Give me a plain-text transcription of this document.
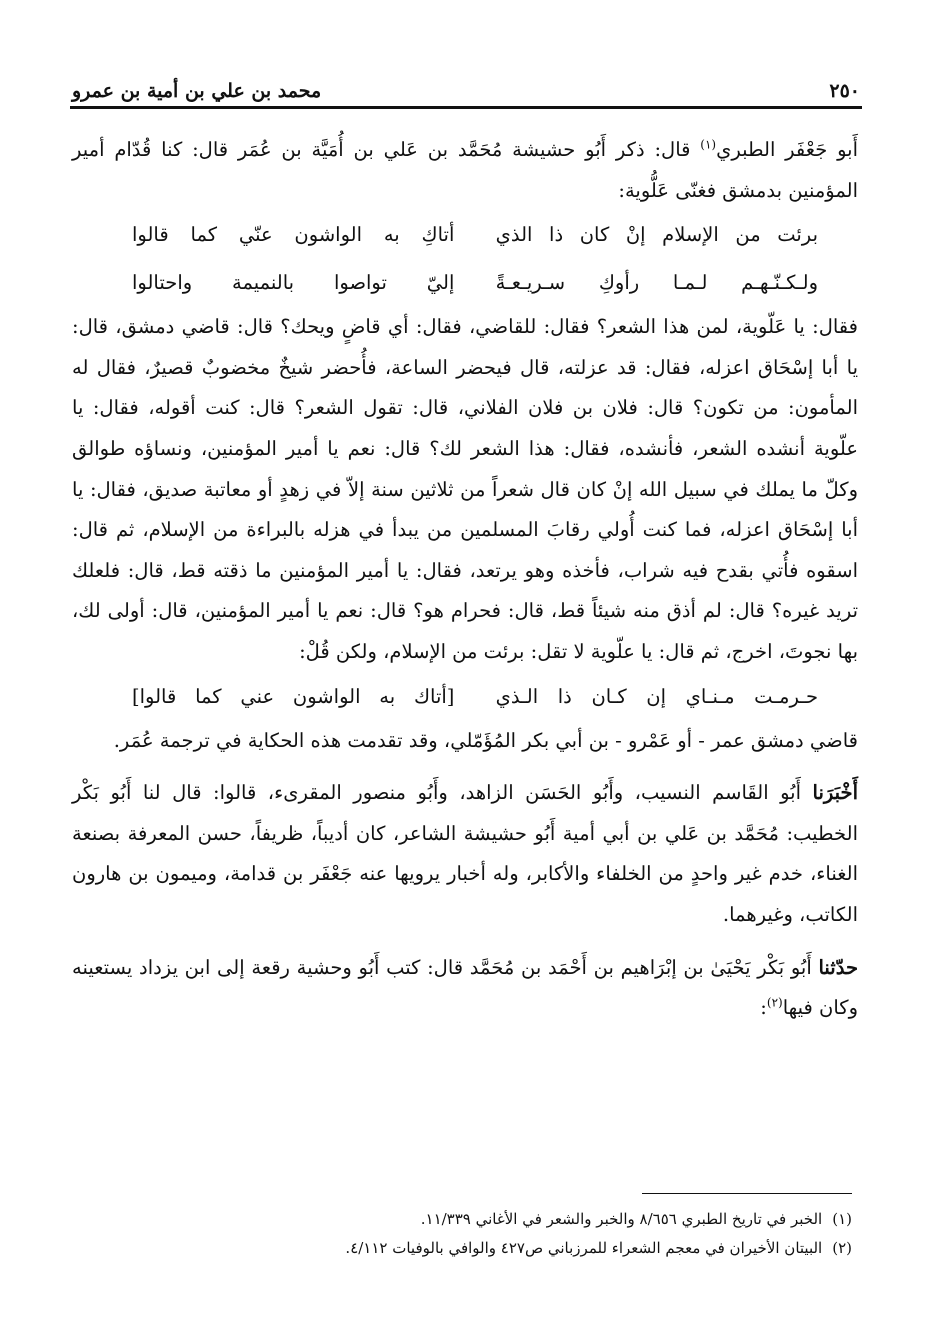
٢٥٠
محمد بن علي بن أمية بن عمرو

أَبو جَعْفَر الطبري$^{(١)}$ قال: ذكر أَبُو حشيشة مُحَمَّد بن عَلي بن أُمَيَّة بن عُمَر قال: كنا قُدّام أمير المؤمنين بدمشق فغنّى عَلُّوية:

برئت من الإسلام إنْ كان ذا الذي
أتاكِ به الواشون عنّي كما قالوا
ولـكـنّـهـم لـمـا رأوكِ سـريـعـةً
إليّ تواصوا بالنميمة واحتالوا

فقال: يا عَلّوية، لمن هذا الشعر؟ فقال: للقاضي، فقال: أي قاضٍ ويحك؟ قال: قاضي دمشق، قال: يا أبا إسْحَاق اعزله، فقال: قد عزلته، قال فيحضر الساعة، فأُحضر شيخٌ مخضوبٌ قصيرٌ، فقال له المأمون: من تكون؟ قال: فلان بن فلان الفلاني، قال: تقول الشعر؟ قال: كنت أقوله، فقال: يا علّوية أنشده الشعر، فأنشده، فقال: هذا الشعر لك؟ قال: نعم يا أمير المؤمنين، ونساؤه طوالق وكلّ ما يملك في سبيل الله إنْ كان قال شعراً من ثلاثين سنة إلاّ في زهدٍ أو معاتبة صديق، فقال: يا أبا إسْحَاق اعزله، فما كنت أُولي رقابَ المسلمين من يبدأ في هزله بالبراءة من الإسلام، ثم قال: اسقوه فأُتي بقدح فيه شراب، فأخذه وهو يرتعد، فقال: يا أمير المؤمنين ما ذقته قط، قال: فلعلك تريد غيره؟ قال: لم أذق منه شيئاً قط، قال: فحرام هو؟ قال: نعم يا أمير المؤمنين، قال: أولى لك، بها نجوتَ، اخرج، ثم قال: يا علّوية لا تقل: برئت من الإسلام، ولكن قُلْ:

حـرمـت مـنـاي إن كـان ذا الـذي
[أتاك به الواشون عني كما قالوا]

قاضي دمشق عمر - أو عَمْرو - بن أبي بكر المُؤَمّلي، وقد تقدمت هذه الحكاية في ترجمة عُمَر.

أَخْبَرَنا أَبُو القَاسم النسيب، وأَبُو الحَسَن الزاهد، وأَبُو منصور المقرىء، قالوا: قال لنا أَبُو بَكْر الخطيب: مُحَمَّد بن عَلي بن أبي أمية أَبُو حشيشة الشاعر، كان أديباً، ظريفاً، حسن المعرفة بصنعة الغناء، خدم غير واحدٍ من الخلفاء والأكابر، وله أخبار يرويها عنه جَعْفَر بن قدامة، وميمون بن هارون الكاتب، وغيرهما.

حدّثنا أَبُو بَكْر يَحْيَىٰ بن إبْرَاهيم بن أَحْمَد بن مُحَمَّد قال: كتب أَبُو وحشية رقعة إلى ابن يزداد يستعينه وكان فيها$^{(٢)}$:

(١)
الخبر في تاريخ الطبري ٨/٦٥٦ والخبر والشعر في الأغاني ١١/٣٣٩.
(٢)
البيتان الأخيران في معجم الشعراء للمرزباني ص٤٢٧ والوافي بالوفيات ٤/١١٢.
